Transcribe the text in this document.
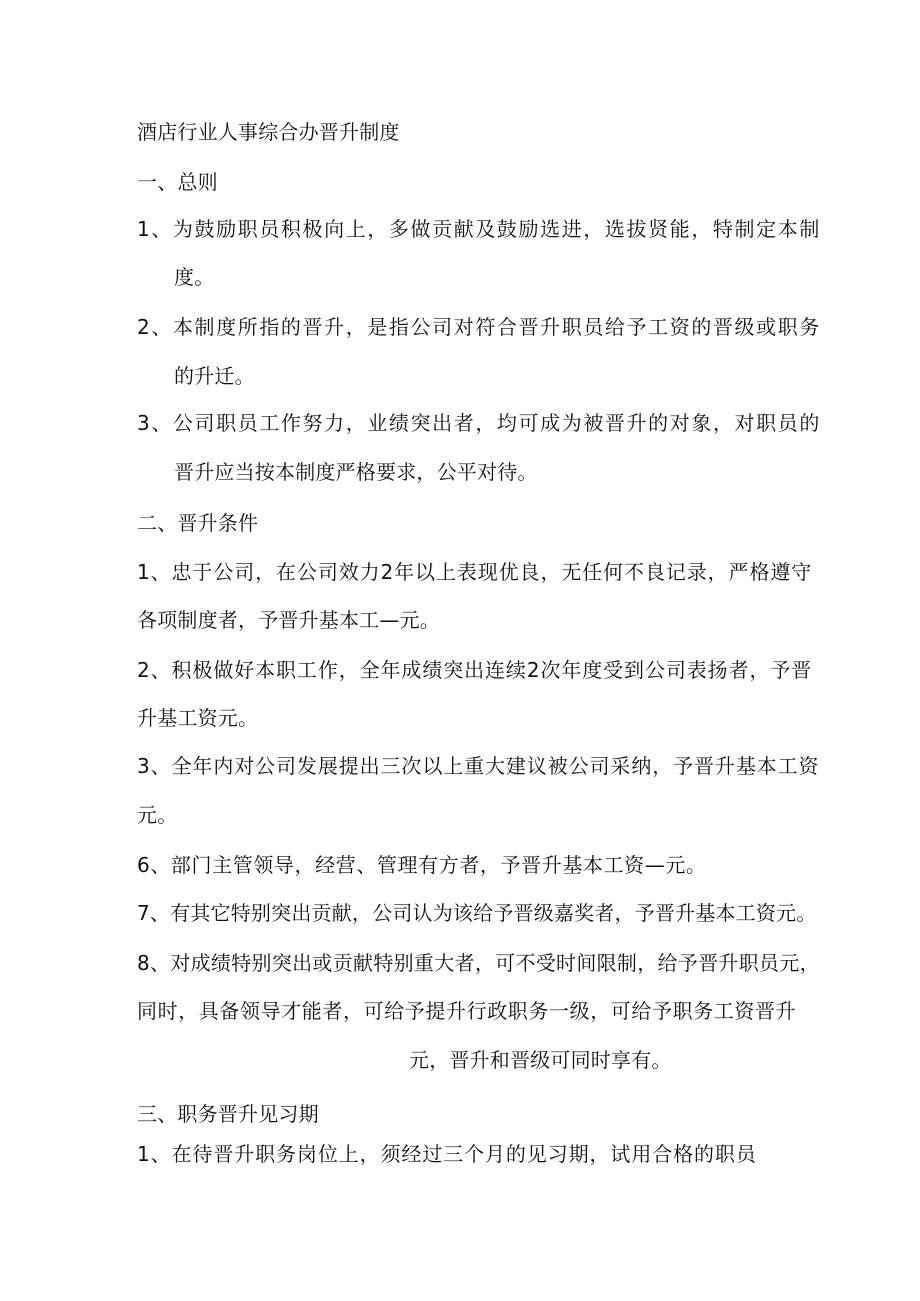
酒店行业人事综合办晋升制度
一、总则
1、为鼓励职员积极向上，多做贡献及鼓励选进，选拔贤能，特制定本制
度。
2、本制度所指的晋升，是指公司对符合晋升职员给予工资的晋级或职务
的升迁。
3、公司职员工作努力，业绩突出者，均可成为被晋升的对象，对职员的
晋升应当按本制度严格要求，公平对待。
二、晋升条件
1、忠于公司，在公司效力2年以上表现优良，无任何不良记录，严格遵守
各项制度者，予晋升基本工—元。
2、积极做好本职工作，全年成绩突出连续2次年度受到公司表扬者，予晋
升基工资元。
3、全年内对公司发展提出三次以上重大建议被公司采纳，予晋升基本工资
元。
6、部门主管领导，经营、管理有方者，予晋升基本工资—元。
7、有其它特别突出贡献，公司认为该给予晋级嘉奖者，予晋升基本工资元。
8、对成绩特别突出或贡献特别重大者，可不受时间限制，给予晋升职员元，
同时，具备领导才能者，可给予提升行政职务一级，可给予职务工资晋升
元，晋升和晋级可同时享有。
三、职务晋升见习期
1、在待晋升职务岗位上，须经过三个月的见习期，试用合格的职员
